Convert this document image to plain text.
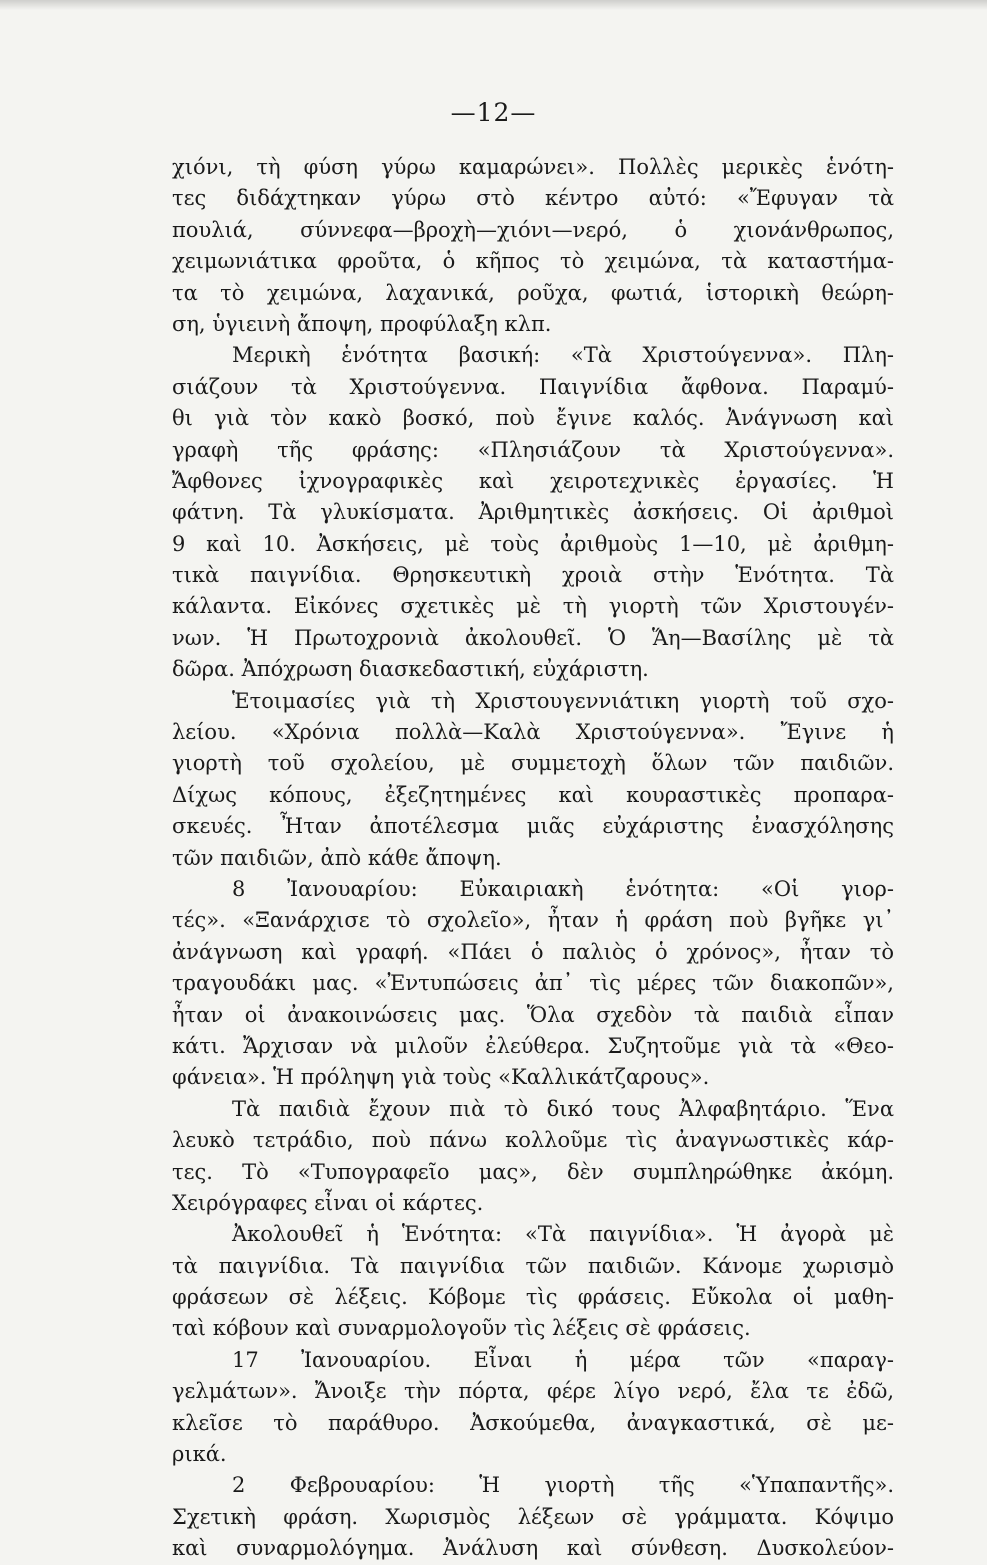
—12—
χιόνι, τὴ φύση γύρω καμαρώνει». Πολλὲς μερικὲς ἑνότη-
τες διδάχτηκαν γύρω στὸ κέντρο αὐτό: «Ἔφυγαν τὰ
πουλιά, σύννεφα—βροχὴ—χιόνι—νερό, ὁ χιονάνθρωπος,
χειμωνιάτικα φροῦτα, ὁ κῆπος τὸ χειμώνα, τὰ καταστήμα-
τα τὸ χειμώνα, λαχανικά, ροῦχα, φωτιά, ἱστορικὴ θεώρη-
ση, ὑγιεινὴ ἄποψη, προφύλαξη κλπ.
Μερικὴ ἑνότητα βασική: «Τὰ Χριστούγεννα». Πλη-
σιάζουν τὰ Χριστούγεννα. Παιγνίδια ἄφθονα. Παραμύ-
θι γιὰ τὸν κακὸ βοσκό, ποὺ ἔγινε καλός. Ἀνάγνωση καὶ
γραφὴ τῆς φράσης: «Πλησιάζουν τὰ Χριστούγεννα».
Ἄφθονες ἰχνογραφικὲς καὶ χειροτεχνικὲς ἐργασίες. Ἡ
φάτνη. Τὰ γλυκίσματα. Ἀριθμητικὲς ἀσκήσεις. Οἱ ἀριθμοὶ
9 καὶ 10. Ἀσκήσεις, μὲ τοὺς ἀριθμοὺς 1—10, μὲ ἀριθμη-
τικὰ παιγνίδια. Θρησκευτικὴ χροιὰ στὴν Ἑνότητα. Τὰ
κάλαντα. Εἰκόνες σχετικὲς μὲ τὴ γιορτὴ τῶν Χριστουγέν-
νων. Ἡ Πρωτοχρονιὰ ἀκολουθεῖ. Ὁ Ἅη—Βασίλης μὲ τὰ
δῶρα. Ἀπόχρωση διασκεδαστική, εὐχάριστη.
Ἑτοιμασίες γιὰ τὴ Χριστουγεννιάτικη γιορτὴ τοῦ σχο-
λείου. «Χρόνια πολλὰ—Καλὰ Χριστούγεννα». Ἔγινε ἡ
γιορτὴ τοῦ σχολείου, μὲ συμμετοχὴ ὅλων τῶν παιδιῶν.
Δίχως κόπους, ἐξεζητημένες καὶ κουραστικὲς προπαρα-
σκευές. Ἦταν ἀποτέλεσμα μιᾶς εὐχάριστης ἐνασχόλησης
τῶν παιδιῶν, ἀπὸ κάθε ἄποψη.
8 Ἰανουαρίου: Εὐκαιριακὴ ἑνότητα: «Οἱ γιορ-
τές». «Ξανάρχισε τὸ σχολεῖο», ἦταν ἡ φράση ποὺ βγῆκε γι᾽
ἀνάγνωση καὶ γραφή. «Πάει ὁ παλιὸς ὁ χρόνος», ἦταν τὸ
τραγουδάκι μας. «Ἐντυπώσεις ἀπ᾽ τὶς μέρες τῶν διακοπῶν»,
ἦταν οἱ ἀνακοινώσεις μας. Ὅλα σχεδὸν τὰ παιδιὰ εἶπαν
κάτι. Ἄρχισαν νὰ μιλοῦν ἐλεύθερα. Συζητοῦμε γιὰ τὰ «Θεο-
φάνεια». Ἡ πρόληψη γιὰ τοὺς «Καλλικάτζαρους».
Τὰ παιδιὰ ἔχουν πιὰ τὸ δικό τους Ἀλφαβητάριο. Ἕνα
λευκὸ τετράδιο, ποὺ πάνω κολλοῦμε τὶς ἀναγνωστικὲς κάρ-
τες. Τὸ «Τυπογραφεῖο μας», δὲν συμπληρώθηκε ἀκόμη.
Χειρόγραφες εἶναι οἱ κάρτες.
Ἀκολουθεῖ ἡ Ἑνότητα: «Τὰ παιγνίδια». Ἡ ἀγορὰ μὲ
τὰ παιγνίδια. Τὰ παιγνίδια τῶν παιδιῶν. Κάνομε χωρισμὸ
φράσεων σὲ λέξεις. Κόβομε τὶς φράσεις. Εὔκολα οἱ μαθη-
ταὶ κόβουν καὶ συναρμολογοῦν τὶς λέξεις σὲ φράσεις.
17 Ἰανουαρίου. Εἶναι ἡ μέρα τῶν «παραγ-
γελμάτων». Ἄνοιξε τὴν πόρτα, φέρε λίγο νερό, ἔλα τε ἐδῶ,
κλεῖσε τὸ παράθυρο. Ἀσκούμεθα, ἀναγκαστικά, σὲ με-
ρικά.
2 Φεβρουαρίου: Ἡ γιορτὴ τῆς «Ὑπαπαντῆς».
Σχετικὴ φράση. Χωρισμὸς λέξεων σὲ γράμματα. Κόψιμο
καὶ συναρμολόγημα. Ἀνάλυση καὶ σύνθεση. Δυσκολεύον-
